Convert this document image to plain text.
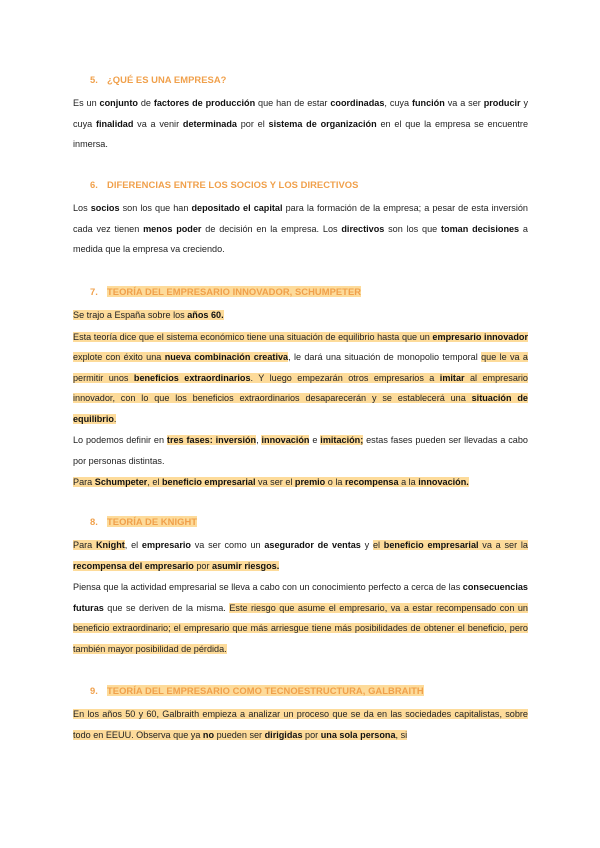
5. ¿QUÉ ES UNA EMPRESA?

Es un conjunto de factores de producción que han de estar coordinadas, cuya función va a ser producir y cuya finalidad va a venir determinada por el sistema de organización en el que la empresa se encuentre inmersa.

6. DIFERENCIAS ENTRE LOS SOCIOS Y LOS DIRECTIVOS

Los socios son los que han depositado el capital para la formación de la empresa; a pesar de esta inversión cada vez tienen menos poder de decisión en la empresa. Los directivos son los que toman decisiones a medida que la empresa va creciendo.

7. TEORÍA DEL EMPRESARIO INNOVADOR, SCHUMPETER

Se trajo a España sobre los años 60.

Esta teoría dice que el sistema económico tiene una situación de equilibrio hasta que un empresario innovador explote con éxito una nueva combinación creativa, le dará una situación de monopolio temporal que le va a permitir unos beneficios extraordinarios. Y luego empezarán otros empresarios a imitar al empresario innovador, con lo que los beneficios extraordinarios desaparecerán y se establecerá una situación de equilibrio.

Lo podemos definir en tres fases: inversión, innovación e imitación; estas fases pueden ser llevadas a cabo por personas distintas.

Para Schumpeter, el beneficio empresarial va ser el premio o la recompensa a la innovación.

8. TEORÍA DE KNIGHT

Para Knight, el empresario va ser como un asegurador de ventas y el beneficio empresarial va a ser la recompensa del empresario por asumir riesgos.

Piensa que la actividad empresarial se lleva a cabo con un conocimiento perfecto a cerca de las consecuencias futuras que se deriven de la misma. Este riesgo que asume el empresario, va a estar recompensado con un beneficio extraordinario; el empresario que más arriesgue tiene más posibilidades de obtener el beneficio, pero también mayor posibilidad de pérdida.

9. TEORÍA DEL EMPRESARIO COMO TECNOESTRUCTURA, GALBRAITH

En los años 50 y 60, Galbraith empieza a analizar un proceso que se da en las sociedades capitalistas, sobre todo en EEUU. Observa que ya no pueden ser dirigidas por una sola persona, si
